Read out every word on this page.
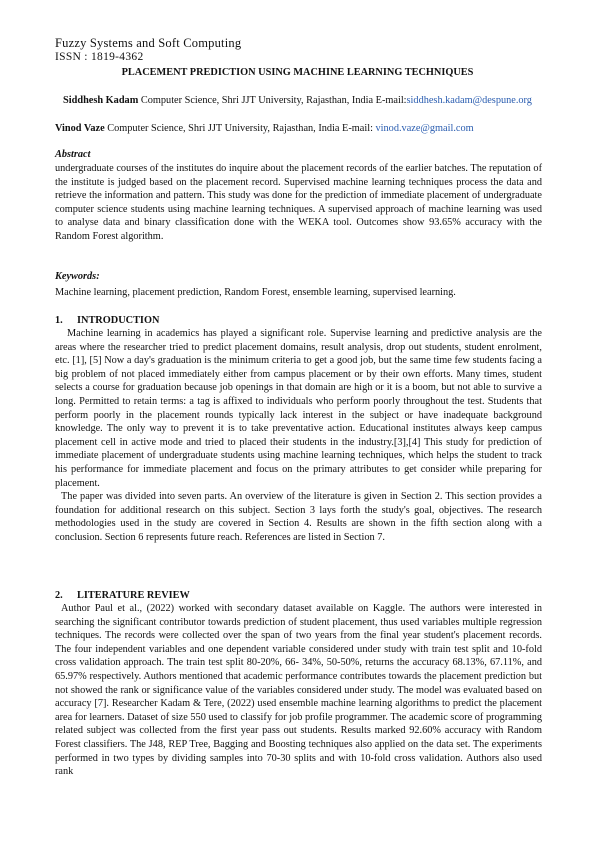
Fuzzy Systems and Soft Computing
ISSN : 1819-4362
PLACEMENT PREDICTION USING MACHINE LEARNING TECHNIQUES
Siddhesh Kadam Computer Science, Shri JJT University, Rajasthan, India E-mail:siddhesh.kadam@despune.org
Vinod Vaze Computer Science, Shri JJT University, Rajasthan, India E-mail: vinod.vaze@gmail.com
Abstract
undergraduate courses of the institutes do inquire about the placement records of the earlier batches. The reputation of the institute is judged based on the placement record. Supervised machine learning techniques process the data and retrieve the information and pattern. This study was done for the prediction of immediate placement of undergraduate computer science students using machine learning techniques. A supervised approach of machine learning was used to analyse data and binary classification done with the WEKA tool. Outcomes show 93.65% accuracy with the Random Forest algorithm.
Keywords:
Machine learning, placement prediction, Random Forest, ensemble learning, supervised learning.
1. INTRODUCTION

Machine learning in academics has played a significant role. Supervise learning and predictive analysis are the areas where the researcher tried to predict placement domains, result analysis, drop out students, student enrolment, etc. [1], [5] Now a day's graduation is the minimum criteria to get a good job, but the same time few students facing a big problem of not placed immediately either from campus placement or by their own efforts. Many times, student selects a course for graduation because job openings in that domain are high or it is a boom, but not able to survive a long. Permitted to retain terms: a tag is affixed to individuals who perform poorly throughout the test. Students that perform poorly in the placement rounds typically lack interest in the subject or have inadequate background knowledge. The only way to prevent it is to take preventative action. Educational institutes always keep campus placement cell in active mode and tried to placed their students in the industry.[3],[4] This study for prediction of immediate placement of undergraduate students using machine learning techniques, which helps the student to track his performance for immediate placement and focus on the primary attributes to get consider while preparing for placement.

The paper was divided into seven parts. An overview of the literature is given in Section 2. This section provides a foundation for additional research on this subject. Section 3 lays forth the study's goal, objectives. The research methodologies used in the study are covered in Section 4. Results are shown in the fifth section along with a conclusion. Section 6 represents future reach. References are listed in Section 7.

2. LITERATURE REVIEW

Author Paul et al., (2022) worked with secondary dataset available on Kaggle. The authors were interested in searching the significant contributor towards prediction of student placement, thus used variables multiple regression techniques. The records were collected over the span of two years from the final year student's placement records. The four independent variables and one dependent variable considered under study with train test split and 10-fold cross validation approach. The train test split 80-20%, 66- 34%, 50-50%, returns the accuracy 68.13%, 67.11%, and 65.97% respectively. Authors mentioned that academic performance contributes towards the placement prediction but not showed the rank or significance value of the variables considered under study. The model was evaluated based on accuracy [7]. Researcher Kadam & Tere, (2022) used ensemble machine learning algorithms to predict the placement area for learners. Dataset of size 550 used to classify for job profile programmer. The academic score of programming related subject was collected from the first year pass out students. Results marked 92.60% accuracy with Random Forest classifiers. The J48, REP Tree, Bagging and Boosting techniques also applied on the data set. The experiments performed in two types by dividing samples into 70-30 splits and with 10-fold cross validation. Authors also used rank
